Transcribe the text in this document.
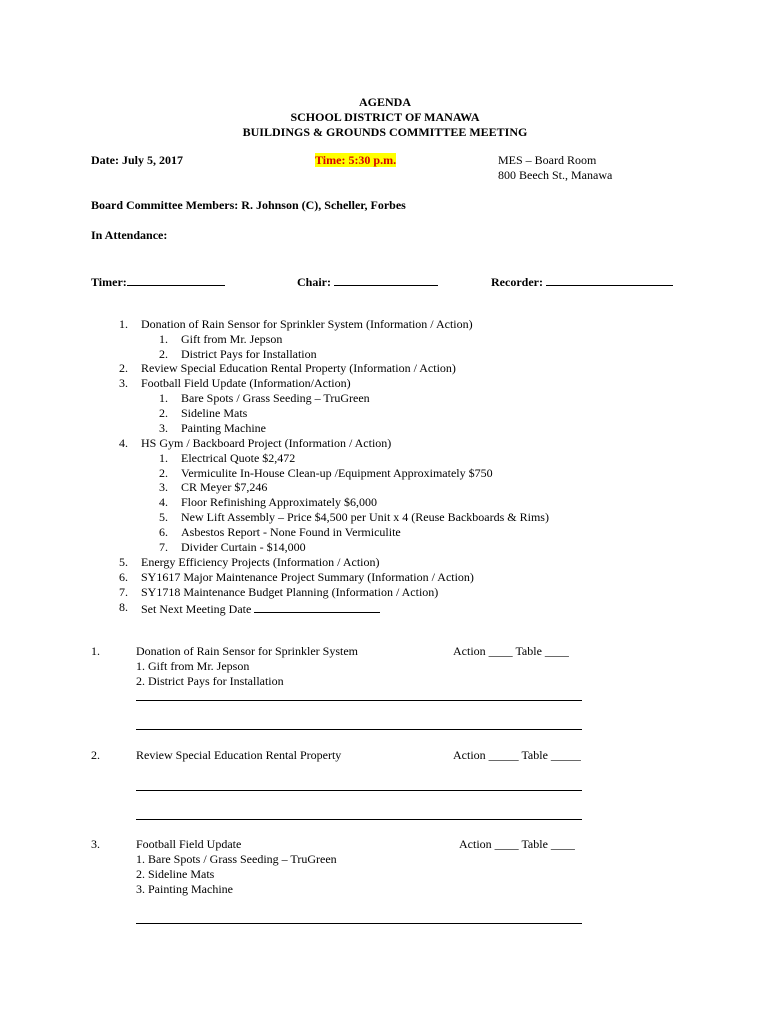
AGENDA
SCHOOL DISTRICT OF MANAWA
BUILDINGS & GROUNDS COMMITTEE MEETING
Date: July 5, 2017	Time: 5:30 p.m.	MES – Board Room
800 Beech St., Manawa
Board Committee Members: R. Johnson (C), Scheller, Forbes
In Attendance:
Timer:	Chair:	Recorder:
1. Donation of Rain Sensor for Sprinkler System (Information / Action)
1. Gift from Mr. Jepson
2. District Pays for Installation
2. Review Special Education Rental Property (Information / Action)
3. Football Field Update (Information/Action)
1. Bare Spots / Grass Seeding – TruGreen
2. Sideline Mats
3. Painting Machine
4. HS Gym / Backboard Project (Information / Action)
1. Electrical Quote $2,472
2. Vermiculite In-House Clean-up /Equipment Approximately $750
3. CR Meyer $7,246
4. Floor Refinishing Approximately $6,000
5. New Lift Assembly – Price $4,500 per Unit x 4 (Reuse Backboards & Rims)
6. Asbestos Report - None Found in Vermiculite
7. Divider Curtain - $14,000
5. Energy Efficiency Projects (Information / Action)
6. SY1617 Major Maintenance Project Summary (Information / Action)
7. SY1718 Maintenance Budget Planning (Information / Action)
8. Set Next Meeting Date
1.	Donation of Rain Sensor for Sprinkler System	Action ____ Table ____
1. Gift from Mr. Jepson
2. District Pays for Installation
2.	Review Special Education Rental Property	Action _____ Table _____
3.	Football Field Update	Action ____ Table ____
1. Bare Spots / Grass Seeding – TruGreen
2. Sideline Mats
3. Painting Machine
